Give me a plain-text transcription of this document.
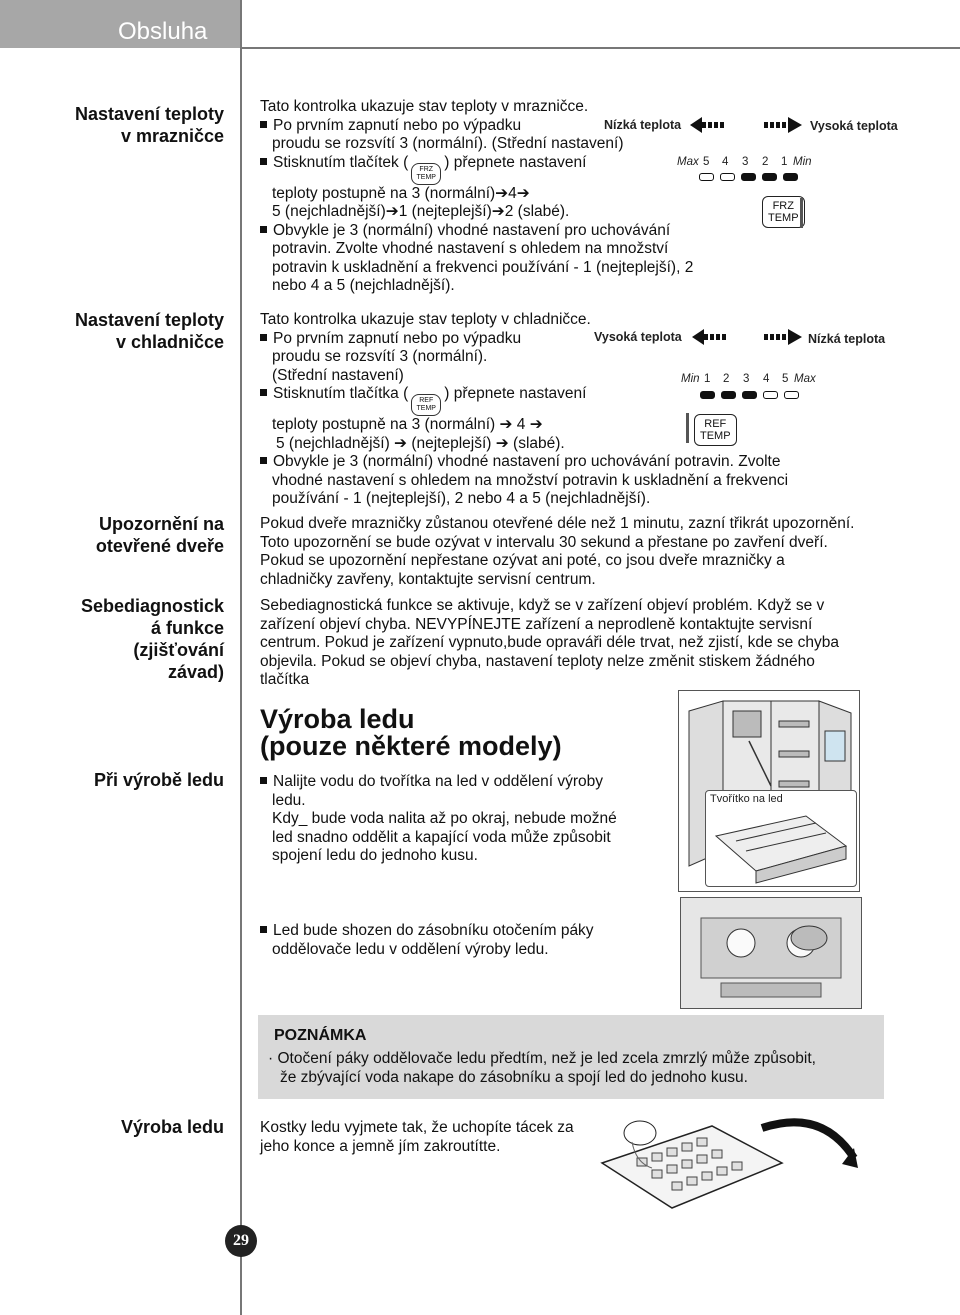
Obsluha
Nastavení teploty
v mrazničce
Nastavení teploty
v chladničce
Upozornění na
otevřené dveře
Sebediagnostick
á funkce
(zjišťování
závad)
Při výrobě ledu
Výroba ledu
Tato kontrolka ukazuje stav teploty v mrazničce.
Po prvním zapnutí nebo po výpadku
proudu se rozsvítí 3 (normální). (Střední nastavení)
Stisknutím tlačítek (	FRZ
TEMP
) přepnete nastavení
teploty postupně na 3 (normální)➔4➔
5 (nejchladnější)➔1 (nejteplejší)➔2 (slabé).
Obvykle je 3 (normální) vhodné nastavení pro uchovávání
potravin. Zvolte vhodné nastavení s ohledem na množství
potravin k uskladnění a frekvenci používání - 1 (nejteplejší), 2
nebo 4 a 5 (nejchladnější).
Nízká teplota	Vysoká teplota
Max 5 4 3 2 1 Min
FRZ
TEMP
Tato kontrolka ukazuje stav teploty v chladničce.
Po prvním zapnutí nebo po výpadku
proudu se rozsvítí 3 (normální).
(Střední nastavení)
Stisknutím tlačítka (	REF
TEMP
) přepnete nastavení
teploty postupně na 3 (normální) ➔ 4 ➔
5 (nejchladnější) ➔ (nejteplejší) ➔ (slabé).
Obvykle je 3 (normální) vhodné nastavení pro uchovávání potravin. Zvolte
vhodné nastavení s ohledem na množství potravin k uskladnění a frekvenci
používání - 1 (nejteplejší), 2 nebo 4 a 5 (nejchladnější).
Vysoká teplota	Nízká teplota
Min 1 2 3 4 5 Max
REF
TEMP
Pokud dveře mrazničky zůstanou otevřené déle než 1 minutu, zazní třikrát upozornění.
Toto upozornění se bude ozývat v intervalu 30 sekund a přestane po zavření dveří.
Pokud se upozornění nepřestane ozývat ani poté, co jsou dveře mrazničky a
chladničky zavřeny, kontaktujte servisní centrum.
Sebediagnostická funkce se aktivuje, když se v zařízení objeví problém. Když se v
zařízení objeví chyba. NEVYPÍNEJTE zařízení a neprodleně kontaktujte servisní
centrum. Pokud je zařízení vypnuto,bude opraváři déle trvat, než zjistí, kde se chyba
objevila. Pokud se objeví chyba, nastavení teploty nelze změnit stiskem žádného
tlačítka
Výroba ledu
(pouze některé modely)
Nalijte vodu do tvořítka na led v oddělení výroby
ledu.
Kdy_ bude voda nalita až po okraj, nebude možné
led snadno oddělit a kapající voda může způsobit
spojení ledu do jednoho kusu.
Tvořítko na led
Led bude shozen do zásobníku otočením páky
oddělovače ledu v oddělení výroby ledu.
POZNÁMKA
· Otočení páky oddělovače ledu předtím, než je led zcela zmrzlý může způsobit,
že zbývající voda nakape do zásobníku a spojí led do jednoho kusu.
Kostky ledu vyjmete tak, že uchopíte tácek za
jeho konce a jemně jím zakroutítte.
29
